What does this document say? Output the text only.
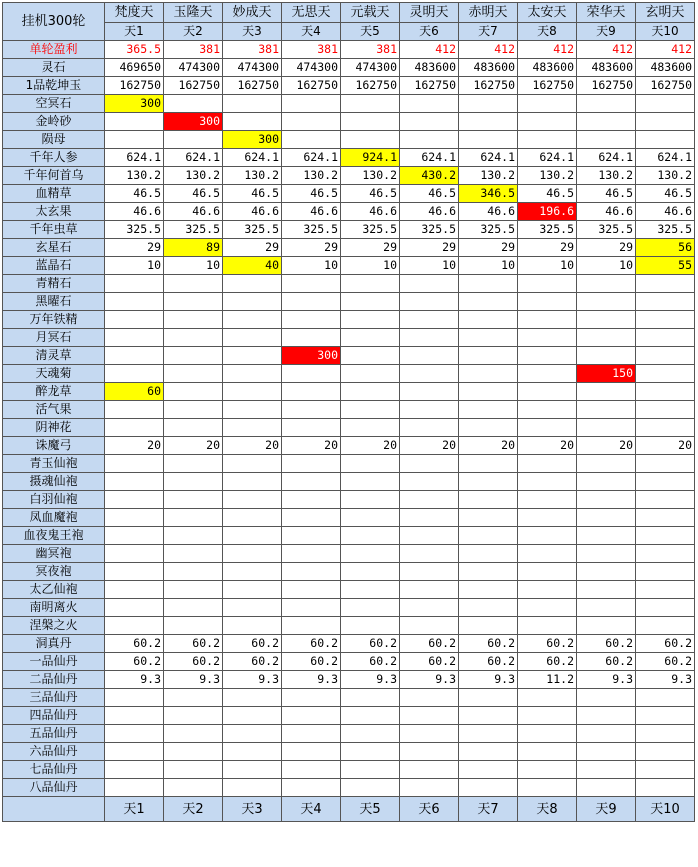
挂机300轮	梵度天	玉隆天	妙成天	无思天	元载天	灵明天	赤明天	太安天	荣华天	玄明天
	天1	天2	天3	天4	天5	天6	天7	天8	天9	天10
单轮盈利	365.5	381	381	381	381	412	412	412	412	412
灵石	469650	474300	474300	474300	474300	483600	483600	483600	483600	483600
1品乾坤玉	162750	162750	162750	162750	162750	162750	162750	162750	162750	162750
空冥石	300									
金岭砂		300								
陨母			300							
千年人参	624.1	624.1	624.1	624.1	924.1	624.1	624.1	624.1	624.1	624.1
千年何首乌	130.2	130.2	130.2	130.2	130.2	430.2	130.2	130.2	130.2	130.2
血精草	46.5	46.5	46.5	46.5	46.5	46.5	346.5	46.5	46.5	46.5
太玄果	46.6	46.6	46.6	46.6	46.6	46.6	46.6	196.6	46.6	46.6
千年虫草	325.5	325.5	325.5	325.5	325.5	325.5	325.5	325.5	325.5	325.5
玄星石	29	89	29	29	29	29	29	29	29	56
蓝晶石	10	10	40	10	10	10	10	10	10	55
青精石										
黑曜石										
万年铁精										
月冥石										
清灵草				300						
天魂菊									150	
醉龙草	60									
活气果										
阴神花										
诛魔弓	20	20	20	20	20	20	20	20	20	20
青玉仙袍										
摄魂仙袍										
白羽仙袍										
凤血魔袍										
血夜鬼王袍										
幽冥袍										
冥夜袍										
太乙仙袍										
南明离火										
涅槃之火										
洞真丹	60.2	60.2	60.2	60.2	60.2	60.2	60.2	60.2	60.2	60.2
一品仙丹	60.2	60.2	60.2	60.2	60.2	60.2	60.2	60.2	60.2	60.2
二品仙丹	9.3	9.3	9.3	9.3	9.3	9.3	9.3	11.2	9.3	9.3
三品仙丹										
四品仙丹										
五品仙丹										
六品仙丹										
七品仙丹										
八品仙丹										
	天1	天2	天3	天4	天5	天6	天7	天8	天9	天10
